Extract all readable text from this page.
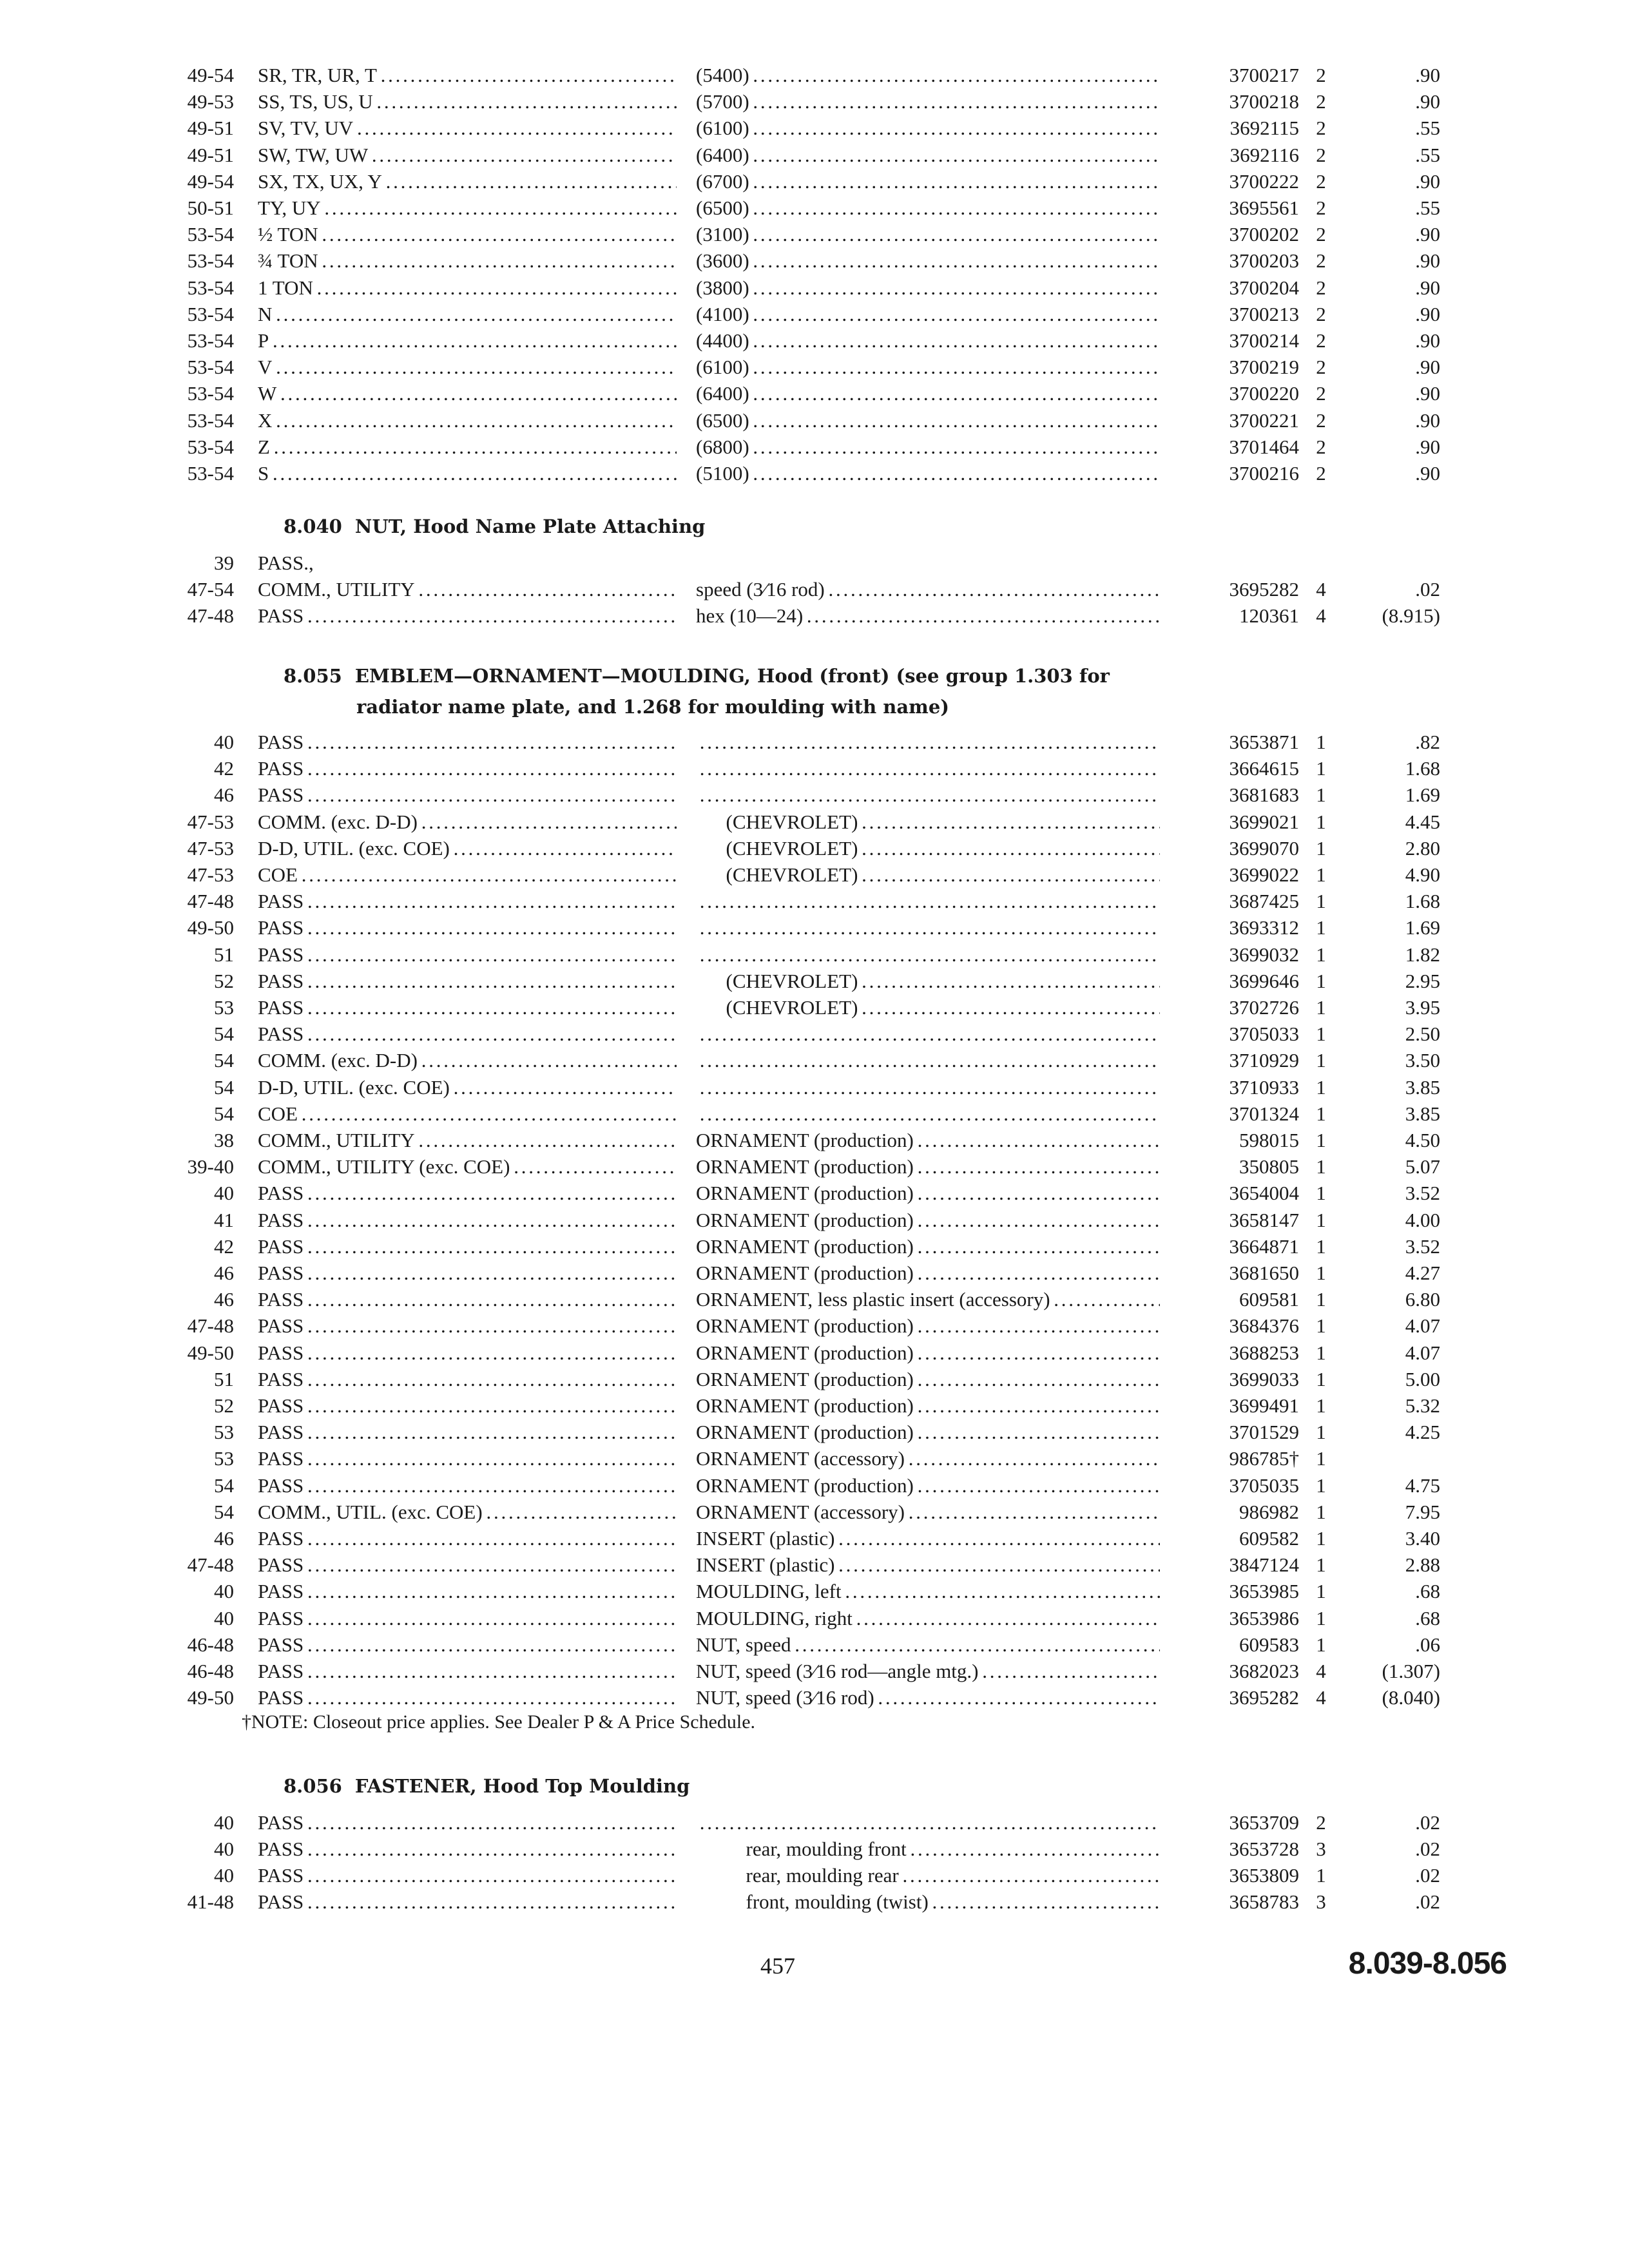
49-54 SR, TR, UR, T . . .	(5400) . . .	3700217 2	.90
49-53 SS, TS, US, U . . .	(5700) . . .	3700218 2	.90
49-51 SV, TV, UV . . .	(6100) . . .	3692115 2	.55
49-51 SW, TW, UW . . .	(6400) . . .	3692116 2	.55
49-54 SX, TX, UX, Y . . .	(6700) . . .	3700222 2	.90
50-51 TY, UY . . .	(6500) . . .	3695561 2	.55
53-54 ½ TON . . .	(3100) . . .	3700202 2	.90
53-54 ¾ TON . . .	(3600) . . .	3700203 2	.90
53-54 1 TON . . .	(3800) . . .	3700204 2	.90
53-54 N . . .	(4100) . . .	3700213 2	.90
53-54 P . . .	(4400) . . .	3700214 2	.90
53-54 V . . .	(6100) . . .	3700219 2	.90
53-54 W . . .	(6400) . . .	3700220 2	.90
53-54 X . . .	(6500) . . .	3700221 2	.90
53-54 Z . . .	(6800) . . .	3701464 2	.90
53-54 S . . .	(5100) . . .	3700216 2	.90
8.040 NUT, Hood Name Plate Attaching
39 PASS.,
47-54 COMM., UTILITY . . .	speed (3⁄16 rod) . . .	3695282 4	.02
47-48 PASS . . .	hex (10—24) . . .	120361 4	(8.915)
8.055 EMBLEM—ORNAMENT—MOULDING, Hood (front) (see group 1.303 for
radiator name plate, and 1.268 for moulding with name)
40 PASS . . . . . .	3653871 1	.82
42 PASS . . . . . .	3664615 1	1.68
46 PASS . . . . . .	3681683 1	1.69
47-53 COMM. (exc. D-D) . . .	(CHEVROLET) . . .	3699021 1	4.45
47-53 D-D, UTIL. (exc. COE) . . .	(CHEVROLET) . . .	3699070 1	2.80
47-53 COE . . .	(CHEVROLET) . . .	3699022 1	4.90
47-48 PASS . . . . . .	3687425 1	1.68
49-50 PASS . . . . . .	3693312 1	1.69
51 PASS . . . . . .	3699032 1	1.82
52 PASS . . .	(CHEVROLET) . . .	3699646 1	2.95
53 PASS . . .	(CHEVROLET) . . .	3702726 1	3.95
54 PASS . . . . . .	3705033 1	2.50
54 COMM. (exc. D-D) . . . . . .	3710929 1	3.50
54 D-D, UTIL. (exc. COE) . . . . . .	3710933 1	3.85
54 COE . . . . . .	3701324 1	3.85
38 COMM., UTILITY . . .	ORNAMENT (production) . . .	598015 1	4.50
39-40 COMM., UTILITY (exc. COE) . . .	ORNAMENT (production) . . .	350805 1	5.07
40 PASS . . .	ORNAMENT (production) . . .	3654004 1	3.52
41 PASS . . .	ORNAMENT (production) . . .	3658147 1	4.00
42 PASS . . .	ORNAMENT (production) . . .	3664871 1	3.52
46 PASS . . .	ORNAMENT (production) . . .	3681650 1	4.27
46 PASS . . .	ORNAMENT, less plastic insert (accessory) . . .	609581 1	6.80
47-48 PASS . . .	ORNAMENT (production) . . .	3684376 1	4.07
49-50 PASS . . .	ORNAMENT (production) . . .	3688253 1	4.07
51 PASS . . .	ORNAMENT (production) . . .	3699033 1	5.00
52 PASS . . .	ORNAMENT (production) . . .	3699491 1	5.32
53 PASS . . .	ORNAMENT (production) . . .	3701529 1	4.25
53 PASS . . .	ORNAMENT (accessory) . . .	986785† 1
54 PASS . . .	ORNAMENT (production) . . .	3705035 1	4.75
54 COMM., UTIL. (exc. COE) . . .	ORNAMENT (accessory) . . .	986982 1	7.95
46 PASS . . .	INSERT (plastic) . . .	609582 1	3.40
47-48 PASS . . .	INSERT (plastic) . . .	3847124 1	2.88
40 PASS . . .	MOULDING, left . . .	3653985 1	.68
40 PASS . . .	MOULDING, right . . .	3653986 1	.68
46-48 PASS . . .	NUT, speed . . .	609583 1	.06
46-48 PASS . . .	NUT, speed (3⁄16 rod—angle mtg.) . . .	3682023 4	(1.307)
49-50 PASS . . .	NUT, speed (3⁄16 rod) . . .	3695282 4	(8.040)
†NOTE: Closeout price applies. See Dealer P & A Price Schedule.
8.056 FASTENER, Hood Top Moulding
40 PASS . . . . . .	3653709 2	.02
40 PASS . . .	rear, moulding front . . .	3653728 3	.02
40 PASS . . .	rear, moulding rear . . .	3653809 1	.02
41-48 PASS . . .	front, moulding (twist) . . .	3658783 3	.02
457	8.039-8.056
